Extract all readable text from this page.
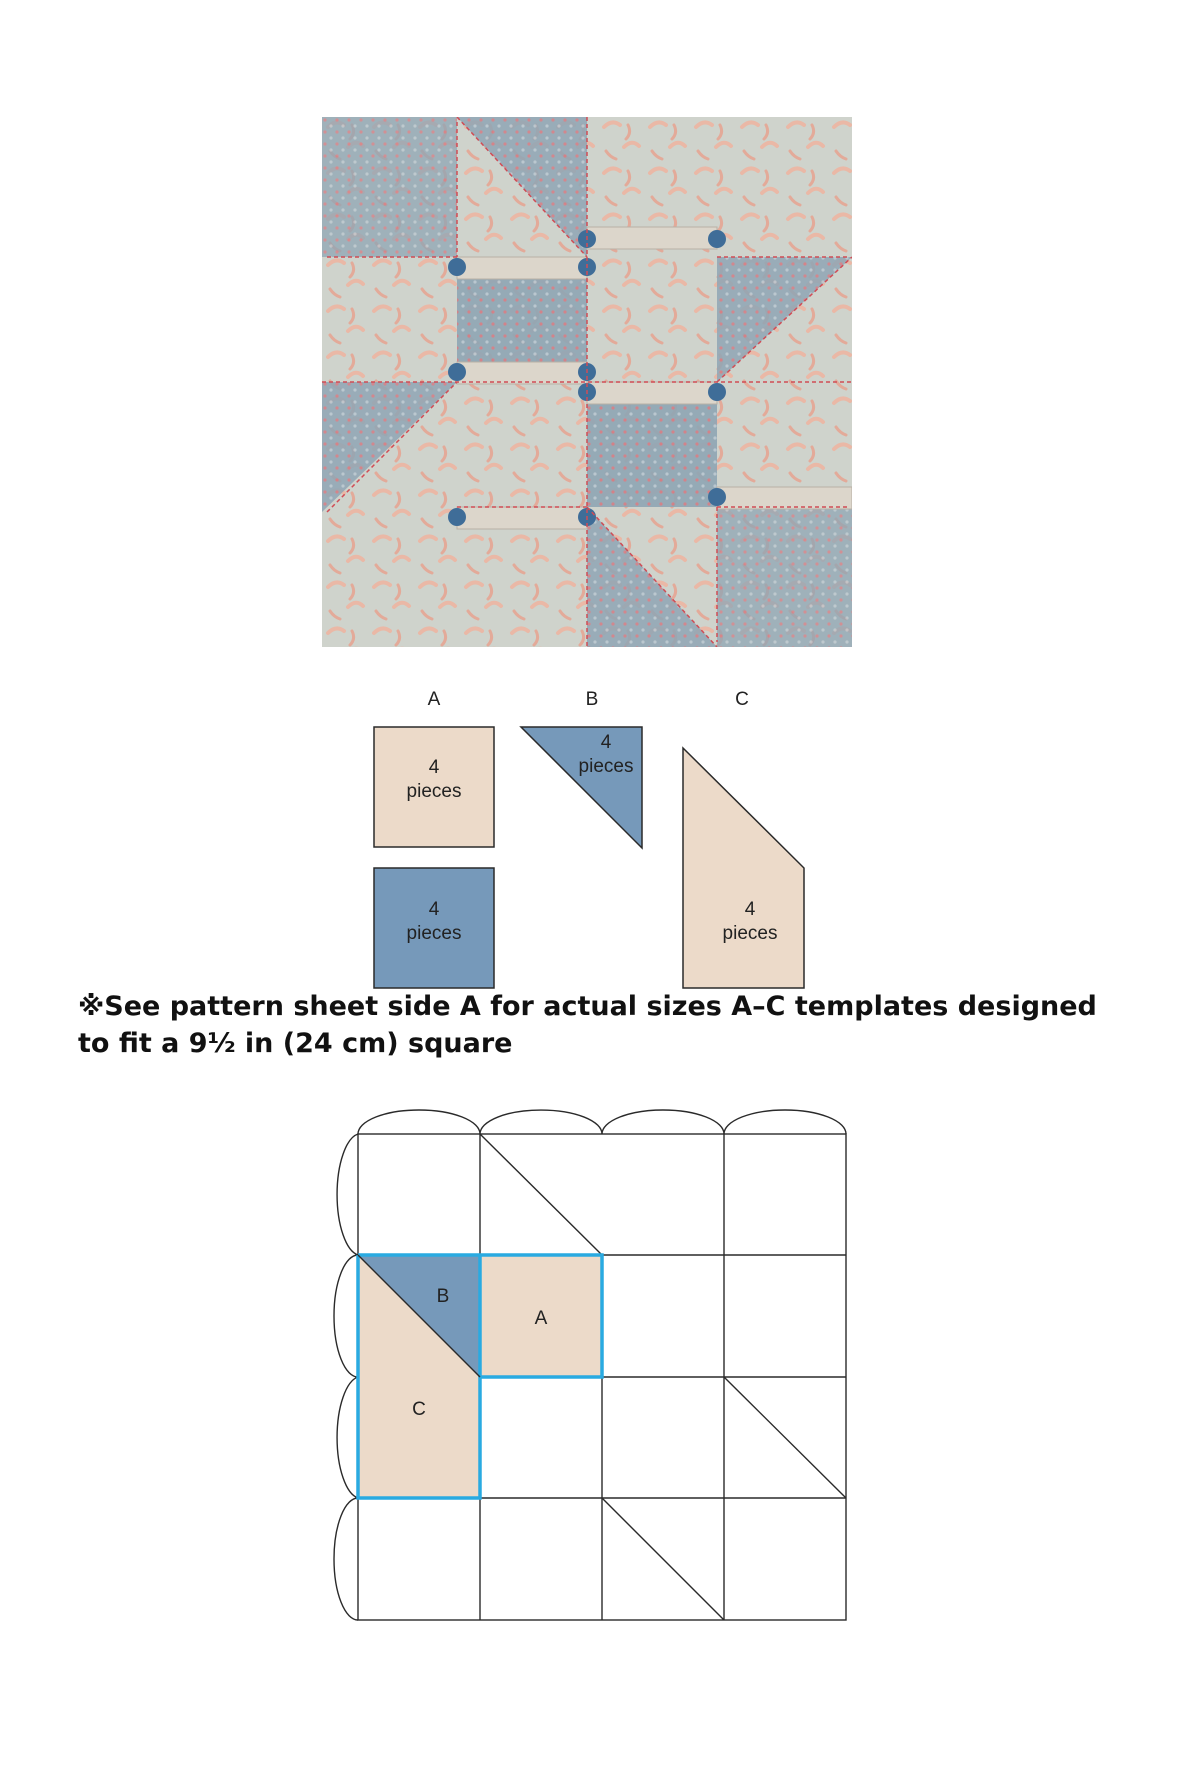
A	B	C
4
pieces
4
pieces
4
pieces
4
pieces

※See pattern sheet side A for actual sizes A–C templates designed to fit a 9½ in (24 cm) square

B
A
C
